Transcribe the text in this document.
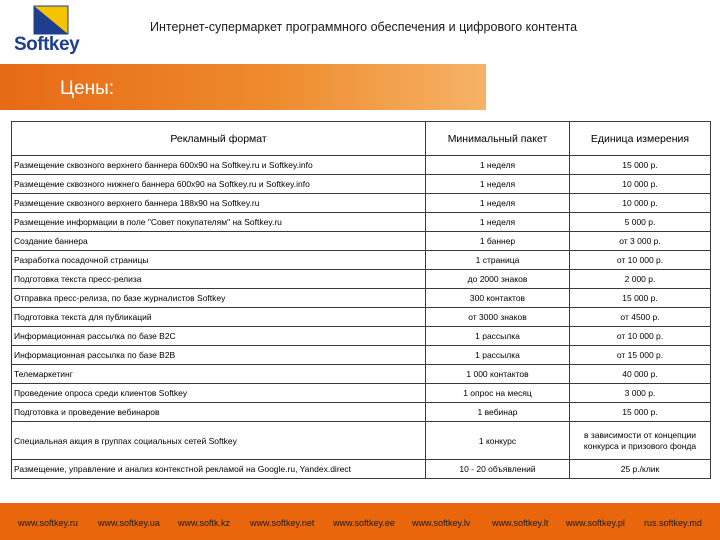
Softkey
Интернет-супермаркет программного обеспечения и цифрового контента
Цены:
Рекламный формат	Минимальный пакет	Единица измерения
Размещение сквозного верхнего баннера 600х90 на Softkey.ru и Softkey.info	1 неделя	15 000 р.
Размещение сквозного нижнего баннера 600х90 на Softkey.ru и Softkey.info	1 неделя	10 000 р.
Размещение сквозного верхнего баннера 188х90 на Softkey.ru	1 неделя	10 000 р.
Размещение информации в поле "Совет покупателям" на Softkey.ru	1 неделя	5 000 р.
Создание баннера	1 баннер	от 3 000 р.
Разработка посадочной страницы	1 страница	от 10 000 р.
Подготовка текста пресс-релиза	до 2000 знаков	2 000 р.
Отправка пресс-релиза, по базе журналистов Softkey	300 контактов	15 000 р.
Подготовка текста для публикаций	от 3000 знаков	от 4500 р.
Информационная рассылка по базе B2C	1 рассылка	от 10 000 р.
Информационная рассылка по базе B2B	1 рассылка	от 15 000 р.
Телемаркетинг	1 000 контактов	40 000 р.
Проведение опроса среди клиентов Softkey	1 опрос на месяц	3 000 р.
Подготовка и проведение вебинаров	1 вебинар	15 000 р.
Специальная акция в группах социальных сетей Softkey	1 конкурс	в зависимости от концепции конкурса и призового фонда
Размещение, управление и анализ контекстной рекламой на Google.ru, Yandex.direct	10 - 20 объявлений	25 р./клик
www.softkey.ru www.softkey.ua www.softk.kz www.softkey.net www.softkey.ee www.softkey.lv www.softkey.lt www.softkey.pl rus.softkey.md
